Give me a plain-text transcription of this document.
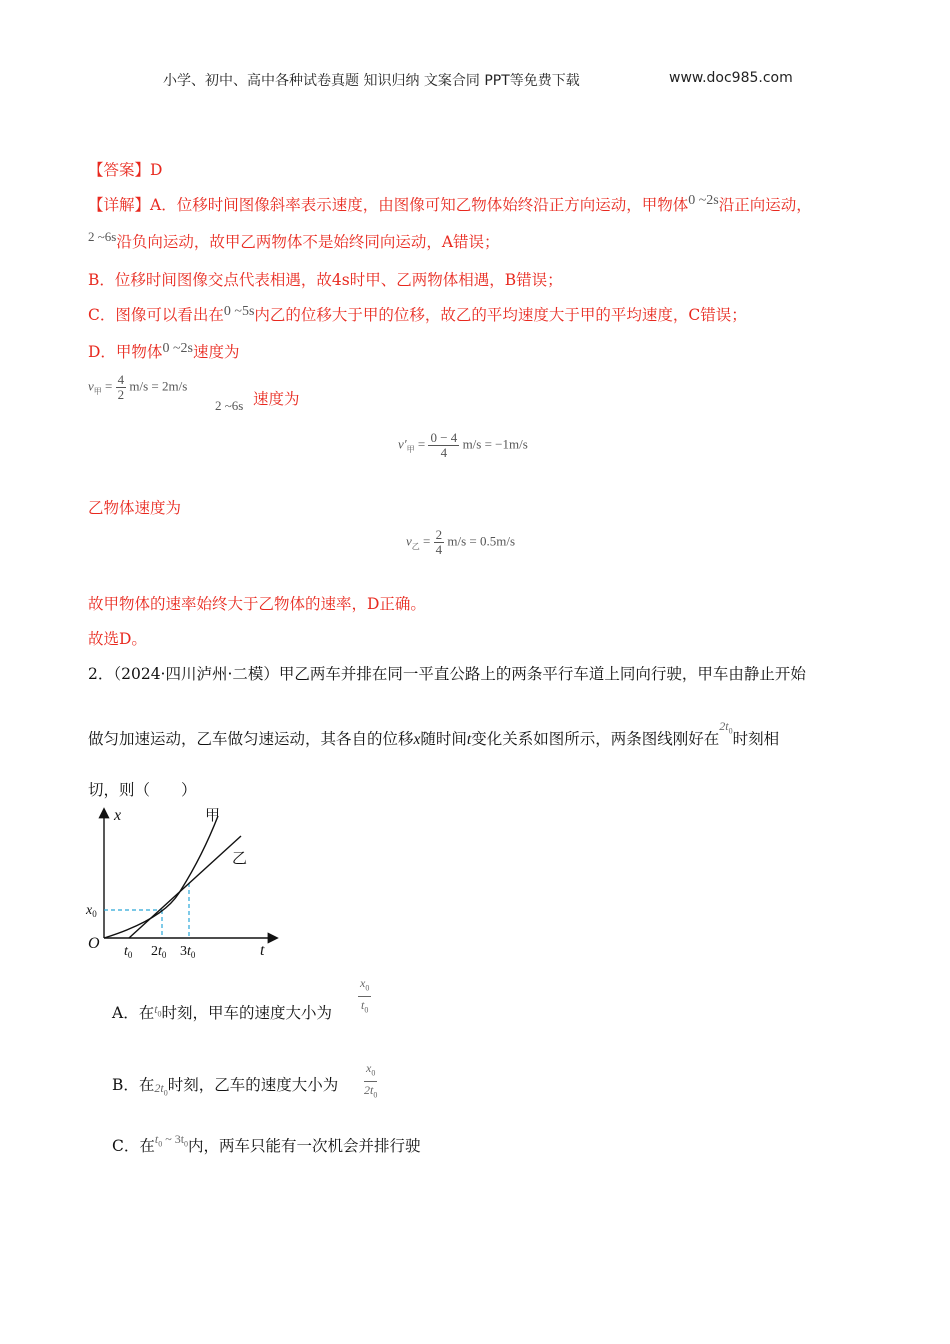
小学、初中、高中各种试卷真题 知识归纳 文案合同 PPT等免费下载	www.doc985.com
【答案】D
【详解】A．位移时间图像斜率表示速度，由图像可知乙物体始终沿正方向运动，甲物体0 ~2s沿正向运动，
$^{2 \sim 6s}$沿负向运动，故甲乙两物体不是始终同向运动，A错误；
B．位移时间图像交点代表相遇，故4s时甲、乙两物体相遇，B错误；
C．图像可以看出在0 ~5s内乙的位移大于甲的位移，故乙的平均速度大于甲的平均速度，C错误；
D．甲物体0 ~2s速度为
$v_甲 = \frac{4}{2} m/s = 2m/s$
2 ~6s 速度为
$v'_甲 = \frac{0 - 4}{4} m/s = -1m/s$
乙物体速度为
$v_乙 = \frac{2}{4} m/s = 0.5m/s$
故甲物体的速率始终大于乙物体的速率，D正确。
故选D。
2．（2024·四川泸州·二模）甲乙两车并排在同一平直公路上的两条平行车道上同向行驶，甲车由静止开始
做匀加速运动，乙车做匀速运动，其各自的位移x随时间t变化关系如图所示，两条图线刚好在$^{2t_0}$时刻相
切，则（　　）
x
t
O
甲
乙
$x_0$
$t_0$ $2t_0$ $3t_0$
A．在$^{t_0}$时刻，甲车的速度大小为
$x_0$
$t_0$
B．在$2t_0$时刻，乙车的速度大小为
$x_0$
$2t_0$
C．在$^{t_0 \sim 3t_0}$内，两车只能有一次机会并排行驶
